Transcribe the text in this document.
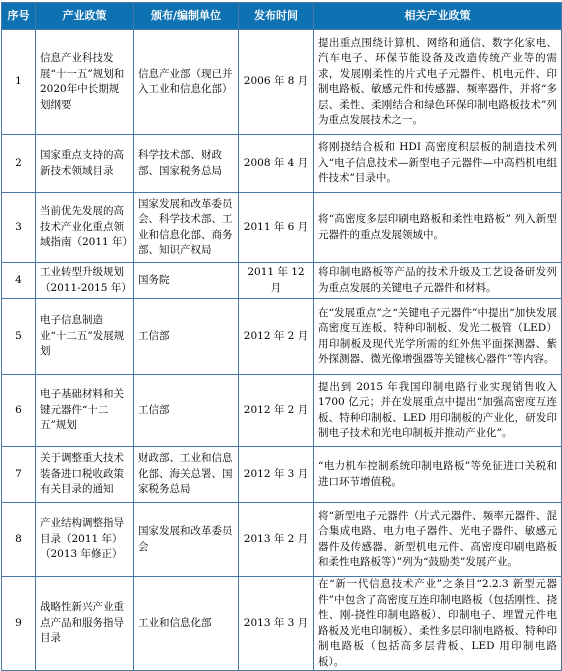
序号	产业政策	颁布/编制单位	发布时间	相关产业政策
1	信息产业科技发展“十一五”规划和2020年中长期规划纲要	信息产业部（现已并入工业和信息化部）	2006 年 8 月	提出重点围绕计算机、网络和通信、数字化家电、汽车电子、环保节能设备及改造传统产业等的需求，发展刚柔性的片式电子元器件、机电元件、印制电路板、敏感元件和传感器、频率器件，并将“多层、柔性、柔刚结合和绿色环保印制电路板技术”列为重点发展技术之一。
2	国家重点支持的高新技术领域目录	科学技术部、财政部、国家税务总局	2008 年 4 月	将刚挠结合板和 HDI 高密度积层板的制造技术列入“电子信息技术—新型电子元器件—中高档机电组件技术”目录中。
3	当前优先发展的高技术产业化重点领域指南（2011 年）	国家发展和改革委员会、科学技术部、工业和信息化部、商务部、知识产权局	2011 年 6 月	将“高密度多层印刷电路板和柔性电路板” 列入新型元器件的重点发展领域中。
4	工业转型升级规划（2011-2015 年）	国务院	2011 年 12 月	将印制电路板等产品的技术升级及工艺设备研发列为重点发展的关键电子元器件和材料。
5	电子信息制造业“十二五”发展规划	工信部	2012 年 2 月	在“发展重点”之“关键电子元器件”中提出“加快发展高密度互连板、特种印制板、发光二极管（LED）用印制板及现代光学所需的红外焦平面探测器、紫外探测器、微光像增强器等关键核心器件”等内容。
6	电子基础材料和关键元器件“十二五”规划	工信部	2012 年 2 月	提出到 2015 年我国印制电路行业实现销售收入 1700 亿元；并在发展重点中提出“加强高密度互连板、特种印制板、LED 用印制板的产业化，研发印制电子技术和光电印制板并推动产业化”。
7	关于调整重大技术装备进口税收政策有关目录的通知	财政部、工业和信息化部、海关总署、国家税务总局	2012 年 3 月	“电力机车控制系统印制电路板”等免征进口关税和进口环节增值税。
8	产业结构调整指导目录（2011 年）（2013 年修正）	国家发展和改革委员会	2013 年 2 月	将“新型电子元器件（片式元器件、频率元器件、混合集成电路、电力电子器件、光电子器件、敏感元器件及传感器、新型机电元件、高密度印刷电路板和柔性电路板等）”列为“鼓励类”发展产业。
9	战略性新兴产业重点产品和服务指导目录	工业和信息化部	2013 年 3 月	在“新一代信息技术产业”之条目“2.2.3 新型元器件”中包含了高密度互连印制电路板（包括刚性、挠性、刚-挠性印制电路板）、印制电子、埋置元件电路板及光电印制板）、柔性多层印制电路板、特种印制电路板（包括高多层背板、LED 用印制电路板）。
